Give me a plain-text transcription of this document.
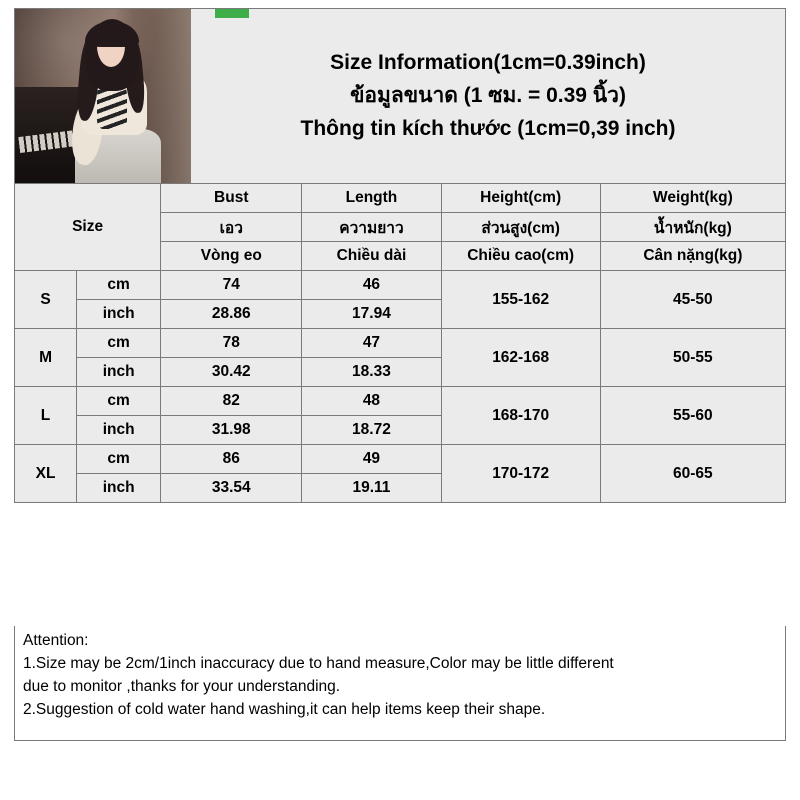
Size Information(1cm=0.39inch)
ข้อมูลขนาด (1 ซม. = 0.39 นิ้ว)
Thông tin kích thước (1cm=0,39 inch)
Size		Bust	Length	Height(cm)	Weight(kg)
		เอว	ความยาว	ส่วนสูง(cm)	น้ำหนัก(kg)
		Vòng eo	Chiều dài	Chiều cao(cm)	Cân nặng(kg)
S	cm	74	46	155-162	45-50
	inch	28.86	17.94		
M	cm	78	47	162-168	50-55
	inch	30.42	18.33		
L	cm	82	48	168-170	55-60
	inch	31.98	18.72		
XL	cm	86	49	170-172	60-65
	inch	33.54	19.11		

Attention:

1.Size may be 2cm/1inch inaccuracy due to hand measure,Color may be little different

due to monitor ,thanks for your understanding.

2.Suggestion of cold water hand washing,it can help items keep their shape.
